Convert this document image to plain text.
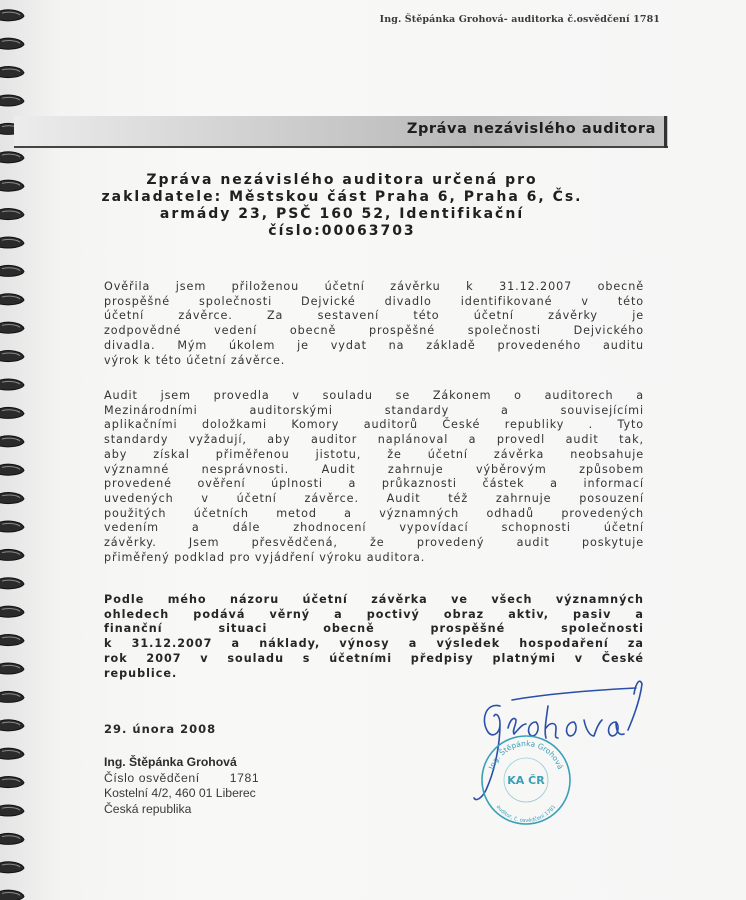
Ing. Štěpánka Grohová- auditorka č.osvědčení 1781
Zpráva nezávislého auditora
Zpráva nezávislého auditora určená pro
zakladatele: Městskou část Praha 6, Praha 6, Čs.
armády 23, PSČ 160 52, Identifikační
číslo:00063703
Ověřila jsem přiloženou účetní závěrku k 31.12.2007 obecně
prospěšné společnosti Dejvické divadlo identifikované v této
účetní závěrce. Za sestavení této účetní závěrky je
zodpovědné vedení obecně prospěšné společnosti Dejvického
divadla. Mým úkolem je vydat na základě provedeného auditu
výrok k této účetní závěrce.
Audit jsem provedla v souladu se Zákonem o auditorech a
Mezinárodními auditorskými standardy a souvisejícími
aplikačními doložkami Komory auditorů České republiky . Tyto
standardy vyžadují, aby auditor naplánoval a provedl audit tak,
aby získal přiměřenou jistotu, že účetní závěrka neobsahuje
významné nesprávnosti. Audit zahrnuje výběrovým způsobem
provedené ověření úplnosti a průkaznosti částek a informací
uvedených v účetní závěrce. Audit též zahrnuje posouzení
použitých účetních metod a významných odhadů provedených
vedením a dále zhodnocení vypovídací schopnosti účetní
závěrky. Jsem přesvědčená, že provedený audit poskytuje
přiměřený podklad pro vyjádření výroku auditora.
Podle mého názoru účetní závěrka ve všech významných
ohledech podává věrný a poctivý obraz aktiv, pasiv a
finanční situaci obecně prospěšné společnosti
k 31.12.2007 a náklady, výnosy a výsledek hospodaření za
rok 2007 v souladu s účetními předpisy platnými v České
republice.
29. února 2008
Ing. Štěpánka Grohová
Číslo osvědčení 1781
Kostelní 4/2, 460 01 Liberec
Česká republika
Ing. Štěpánka Grohová
auditor, č. osvědčení 1781
KA ČR
